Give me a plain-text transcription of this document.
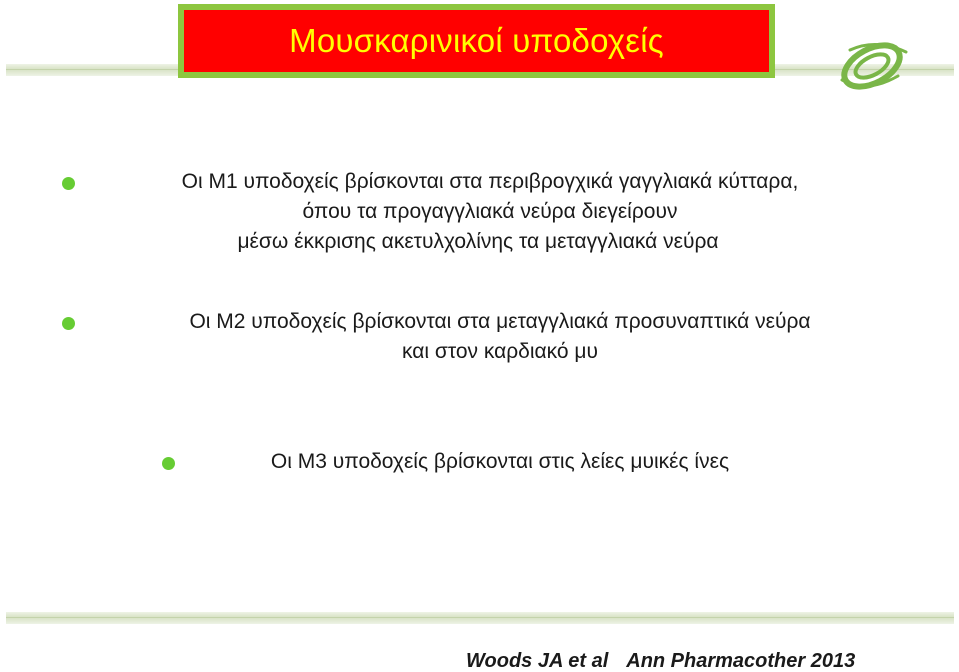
Μουσκαρινικοί υποδοχείς
Οι Μ1 υποδοχείς βρίσκονται στα περιβρογχικά γαγγλιακά κύτταρα,
όπου τα προγαγγλιακά νεύρα διεγείρουν
μέσω έκκρισης ακετυλχολίνης τα μεταγγλιακά νεύρα
Οι Μ2 υποδοχείς βρίσκονται στα μεταγγλιακά προσυναπτικά νεύρα
και στον καρδιακό μυ
Οι Μ3 υποδοχείς βρίσκονται στις λείες μυικές ίνες
Woods JA et al Ann Pharmacother 2013
